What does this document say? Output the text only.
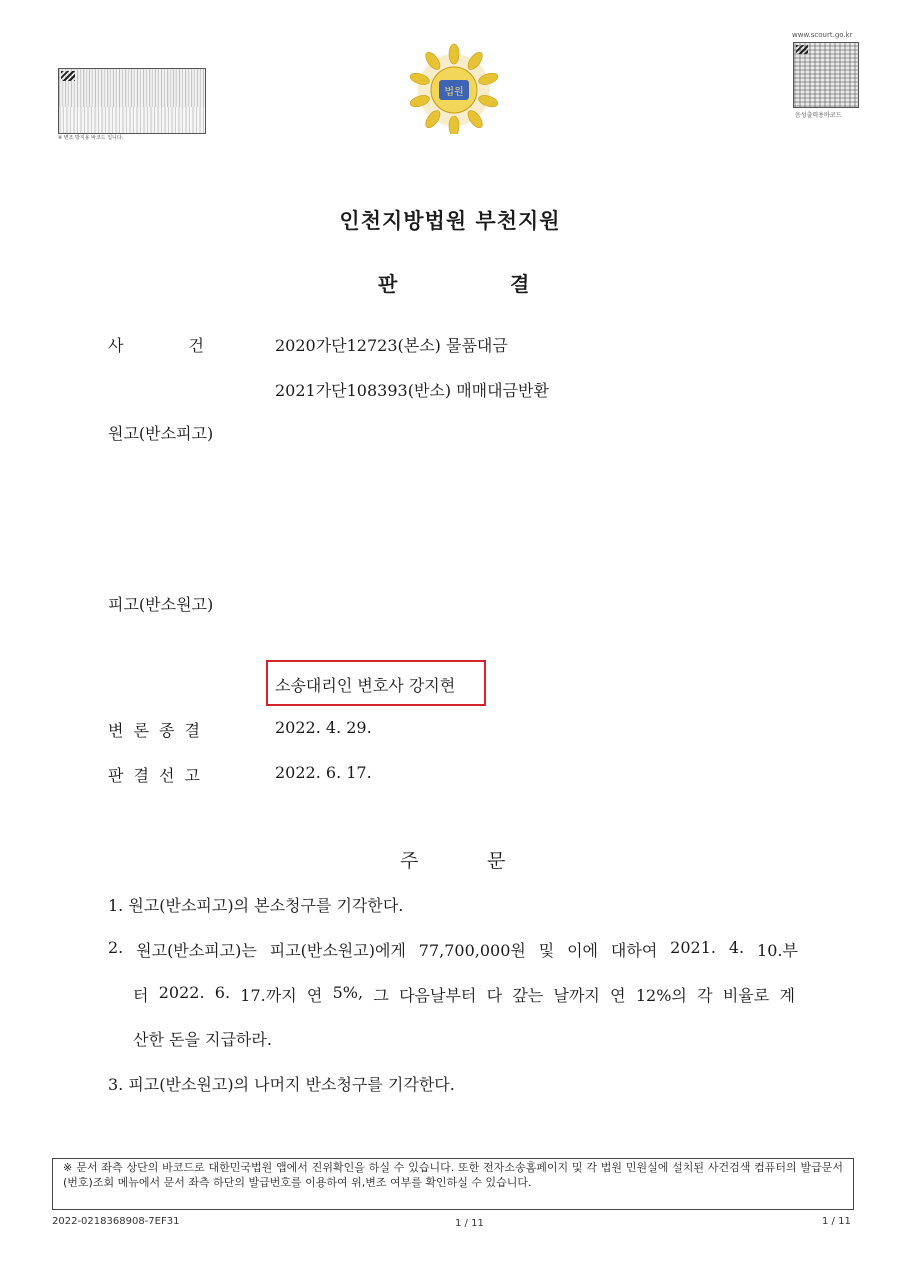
※ 변조 방지용 바코드 입니다.
www.scourt.go.kr
음성출력용바코드
법원
인천지방법원 부천지원
판	결
사	건	2020가단12723(본소) 물품대금
2021가단108393(반소) 매매대금반환
원고(반소피고)
피고(반소원고)
소송대리인 변호사 강지현
변 론 종 결	2022. 4. 29.
판 결 선 고	2022. 6. 17.
주	문
1. 원고(반소피고)의 본소청구를 기각한다.
2. 원고(반소피고)는 피고(반소원고)에게 77,700,000원 및 이에 대하여 2021. 4. 10.부
터 2022. 6. 17.까지 연 5%, 그 다음날부터 다 갚는 날까지 연 12%의 각 비율로 계
산한 돈을 지급하라.
3. 피고(반소원고)의 나머지 반소청구를 기각한다.
※ 문서 좌측 상단의 바코드로 대한민국법원 앱에서 진위확인을 하실 수 있습니다. 또한 전자소송홈페이지 및 각 법원 민원실에 설치된 사건검색 컴퓨터의 발급문서(번호)조회 메뉴에서 문서 좌측 하단의 발급번호를 이용하여 위,변조 여부를 확인하실 수 있습니다.
2022-0218368908-7EF31	1 / 11	1 / 11
